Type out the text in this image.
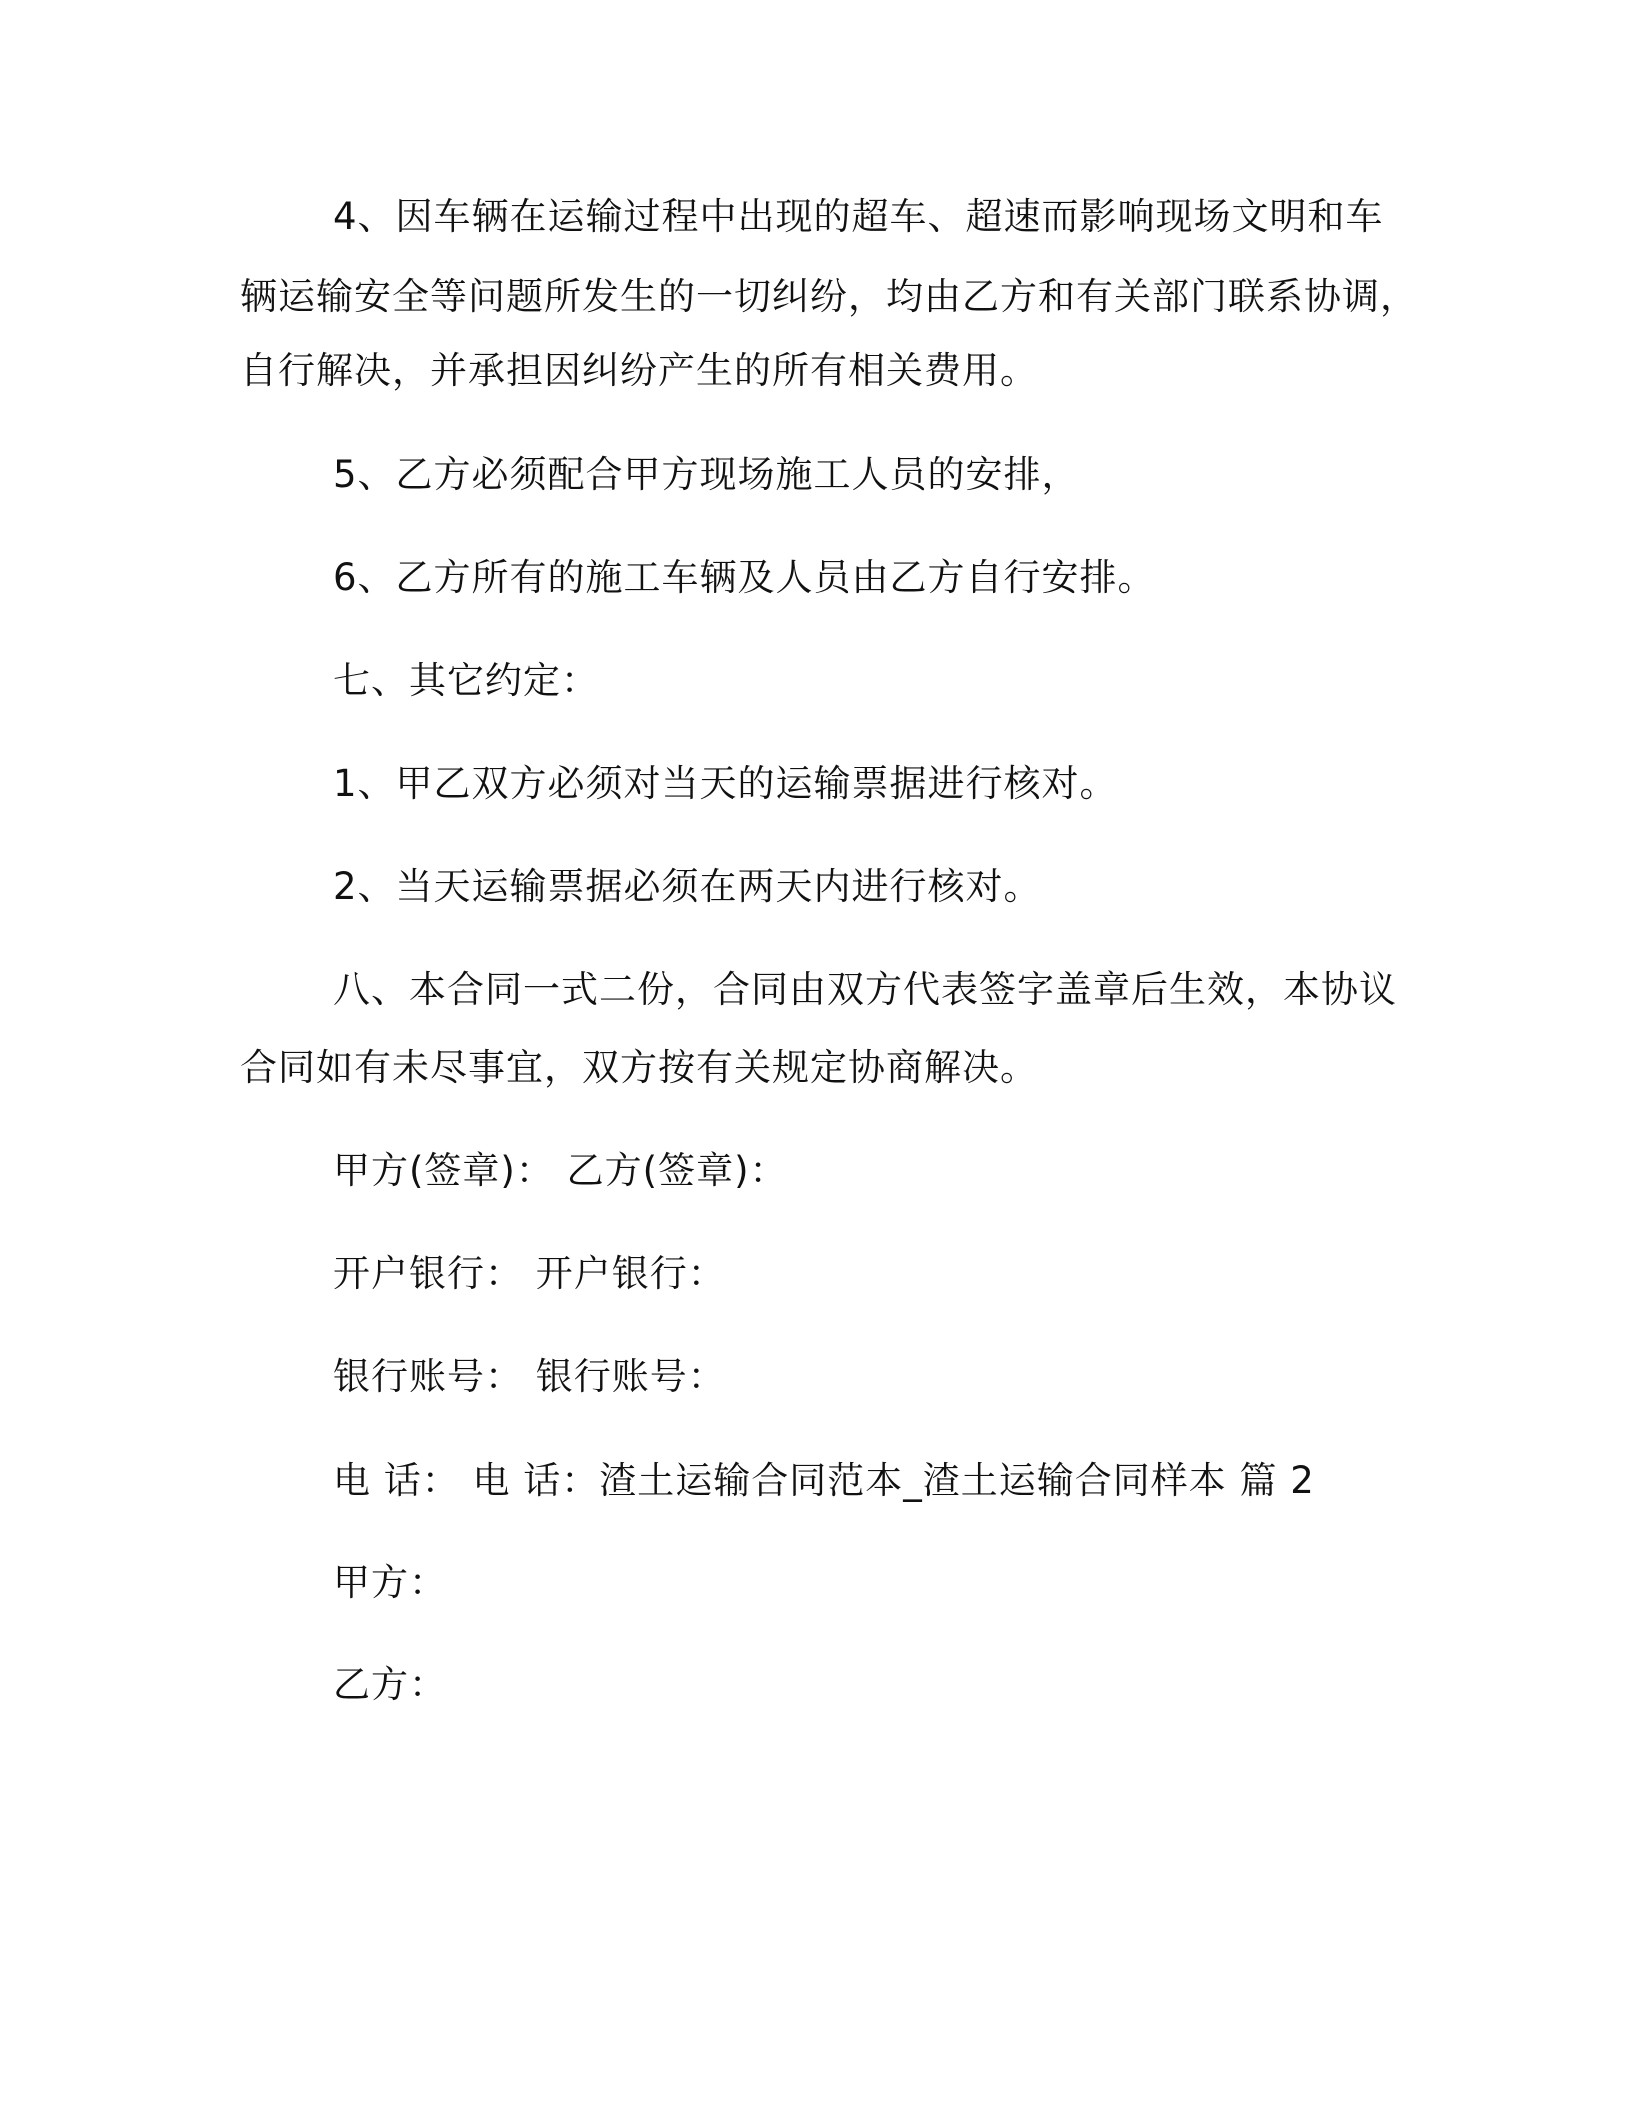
4、因车辆在运输过程中出现的超车、超速而影响现场文明和车
辆运输安全等问题所发生的一切纠纷，均由乙方和有关部门联系协调，
自行解决，并承担因纠纷产生的所有相关费用。
5、乙方必须配合甲方现场施工人员的安排，
6、乙方所有的施工车辆及人员由乙方自行安排。
七、其它约定：
1、甲乙双方必须对当天的运输票据进行核对。
2、当天运输票据必须在两天内进行核对。
八、本合同一式二份，合同由双方代表签字盖章后生效，本协议
合同如有未尽事宜，双方按有关规定协商解决。
甲方(签章)： 乙方(签章)：
开户银行： 开户银行：
银行账号： 银行账号：
电 话： 电 话：渣土运输合同范本_渣土运输合同样本 篇 2
甲方：
乙方：
